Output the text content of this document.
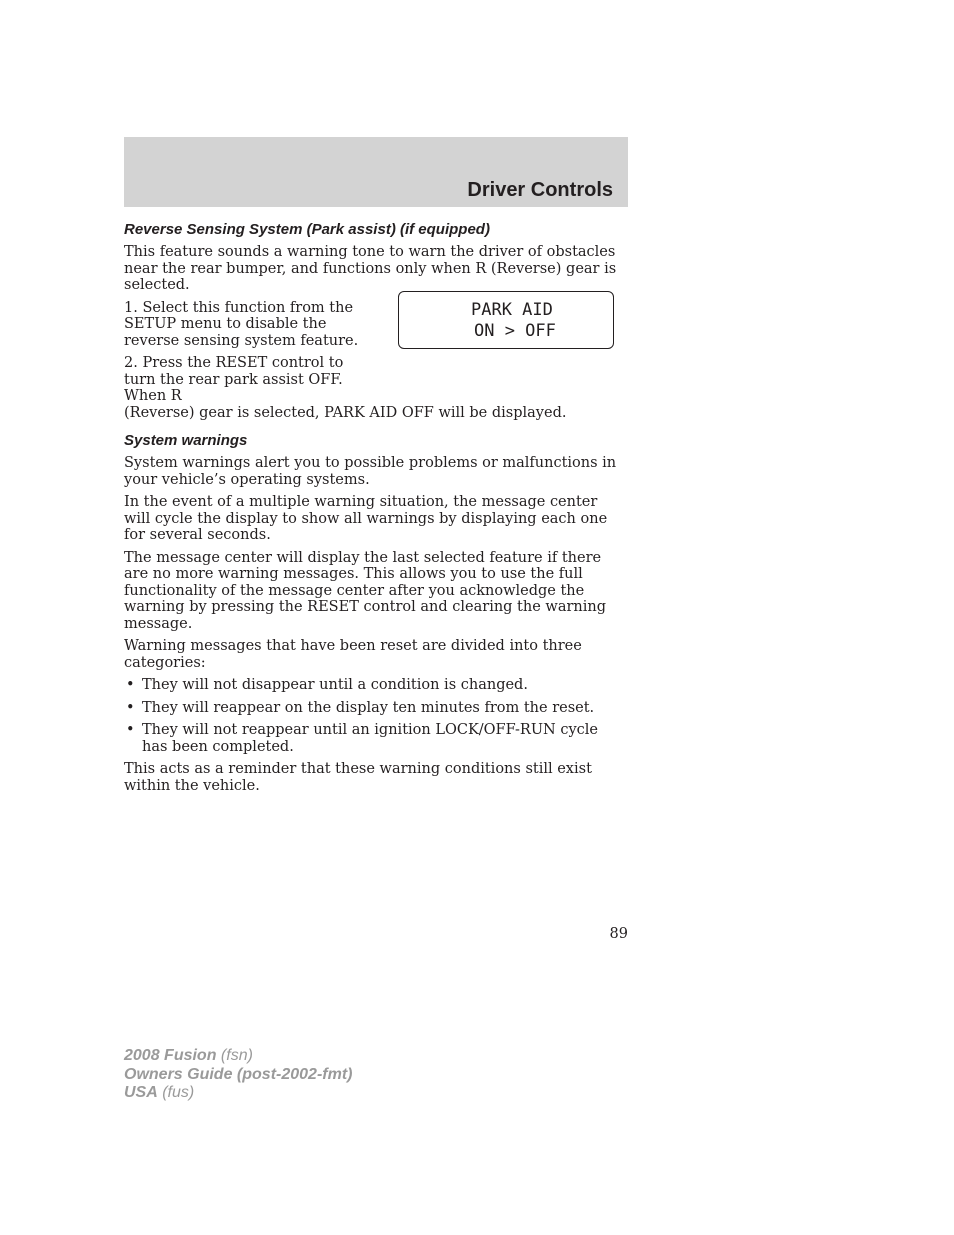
Driver Controls
Reverse Sensing System (Park assist) (if equipped)

This feature sounds a warning tone to warn the driver of obstacles near the rear bumper, and functions only when R (Reverse) gear is selected.

1. Select this function from the SETUP menu to disable the reverse sensing system feature.

2. Press the RESET control to turn the rear park assist OFF. When R
(Reverse) gear is selected, PARK AID OFF will be displayed.

PARK AID
ON > OFF
System warnings

System warnings alert you to possible problems or malfunctions in your vehicle’s operating systems.

In the event of a multiple warning situation, the message center will cycle the display to show all warnings by displaying each one for several seconds.

The message center will display the last selected feature if there are no more warning messages. This allows you to use the full functionality of the message center after you acknowledge the warning by pressing the RESET control and clearing the warning message.

Warning messages that have been reset are divided into three categories:

• They will not disappear until a condition is changed.
• They will reappear on the display ten minutes from the reset.
• They will not reappear until an ignition LOCK/OFF-RUN cycle has been completed.

This acts as a reminder that these warning conditions still exist within the vehicle.

89
2008 Fusion (fsn)
Owners Guide (post-2002-fmt)
USA (fus)
